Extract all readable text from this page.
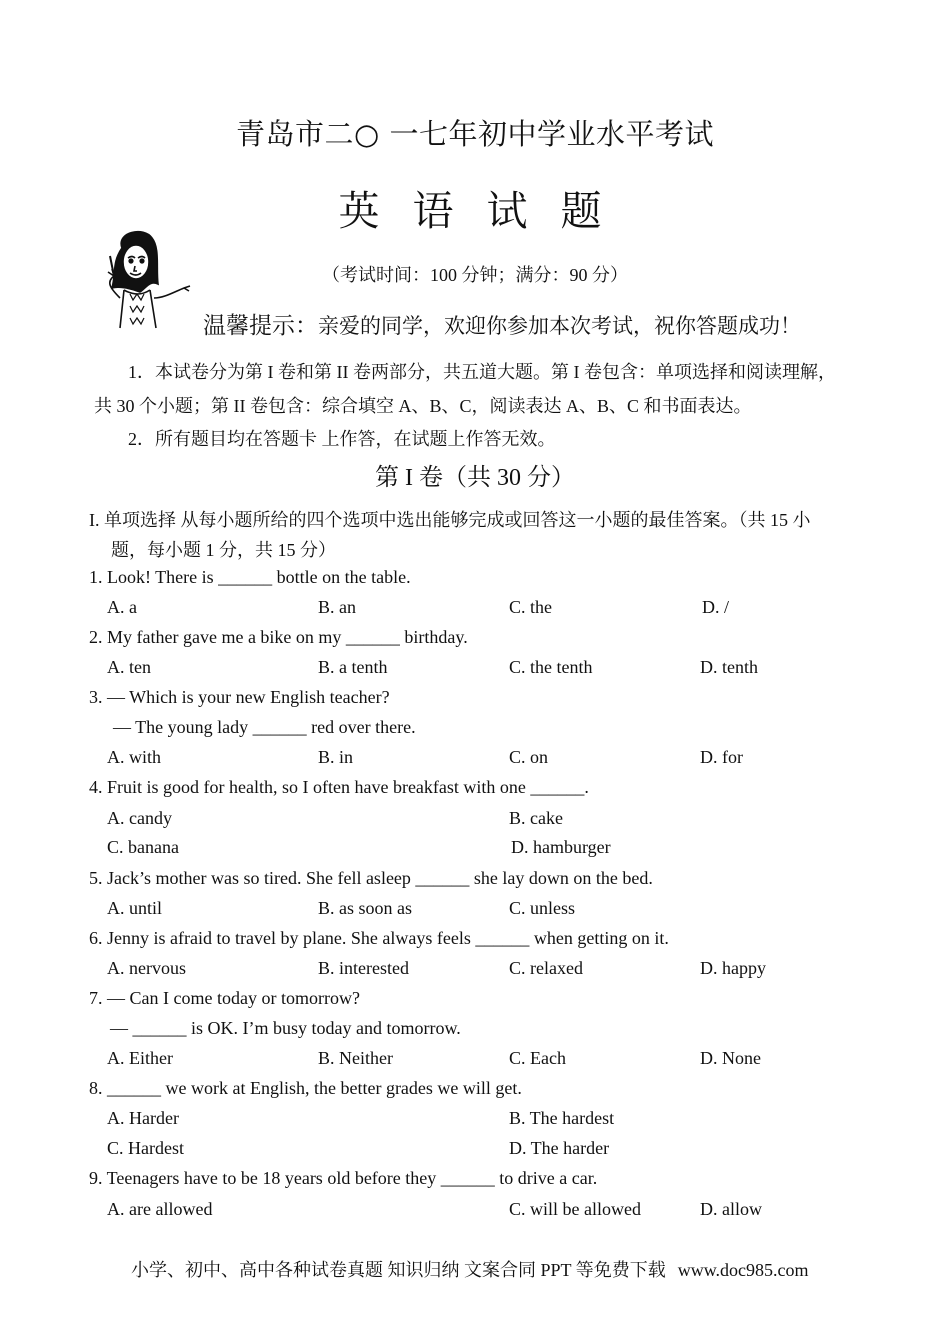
青岛市二○ 一七年初中学业水平考试
英 语 试 题
（考试时间：100 分钟；满分：90 分）
温馨提示：亲爱的同学，欢迎你参加本次考试，祝你答题成功！
1．本试卷分为第 I 卷和第 II 卷两部分，共五道大题。第 I 卷包含：单项选择和阅读理解，
共 30 个小题；第 II 卷包含：综合填空 A、B、C，阅读表达 A、B、C 和书面表达。
2．所有题目均在答题卡 上作答，在试题上作答无效。
第 I 卷（共 30 分）
I. 单项选择 从每小题所给的四个选项中选出能够完成或回答这一小题的最佳答案。（共 15 小
题，每小题 1 分，共 15 分）
1. Look! There is ______ bottle on the table.
A. a	B. an	C. the	D. /
2. My father gave me a bike on my ______ birthday.
A. ten	B. a tenth	C. the tenth	D. tenth
3. — Which is your new English teacher?
— The young lady ______ red over there.
A. with	B. in	C. on	D. for
4. Fruit is good for health, so I often have breakfast with one ______.
A. candy	B. cake
C. banana	D. hamburger
5. Jack’s mother was so tired. She fell asleep ______ she lay down on the bed.
A. until	B. as soon as	C. unless
6. Jenny is afraid to travel by plane. She always feels ______ when getting on it.
A. nervous	B. interested	C. relaxed	D. happy
7. — Can I come today or tomorrow?
— ______ is OK. I’m busy today and tomorrow.
A. Either	B. Neither	C. Each	D. None
8. ______ we work at English, the better grades we will get.
A. Harder	B. The hardest
C. Hardest	D. The harder
9. Teenagers have to be 18 years old before they ______ to drive a car.
A. are allowed	C. will be allowed	D. allow
小学、初中、高中各种试卷真题 知识归纳 文案合同 PPT 等免费下载 www.doc985.com
